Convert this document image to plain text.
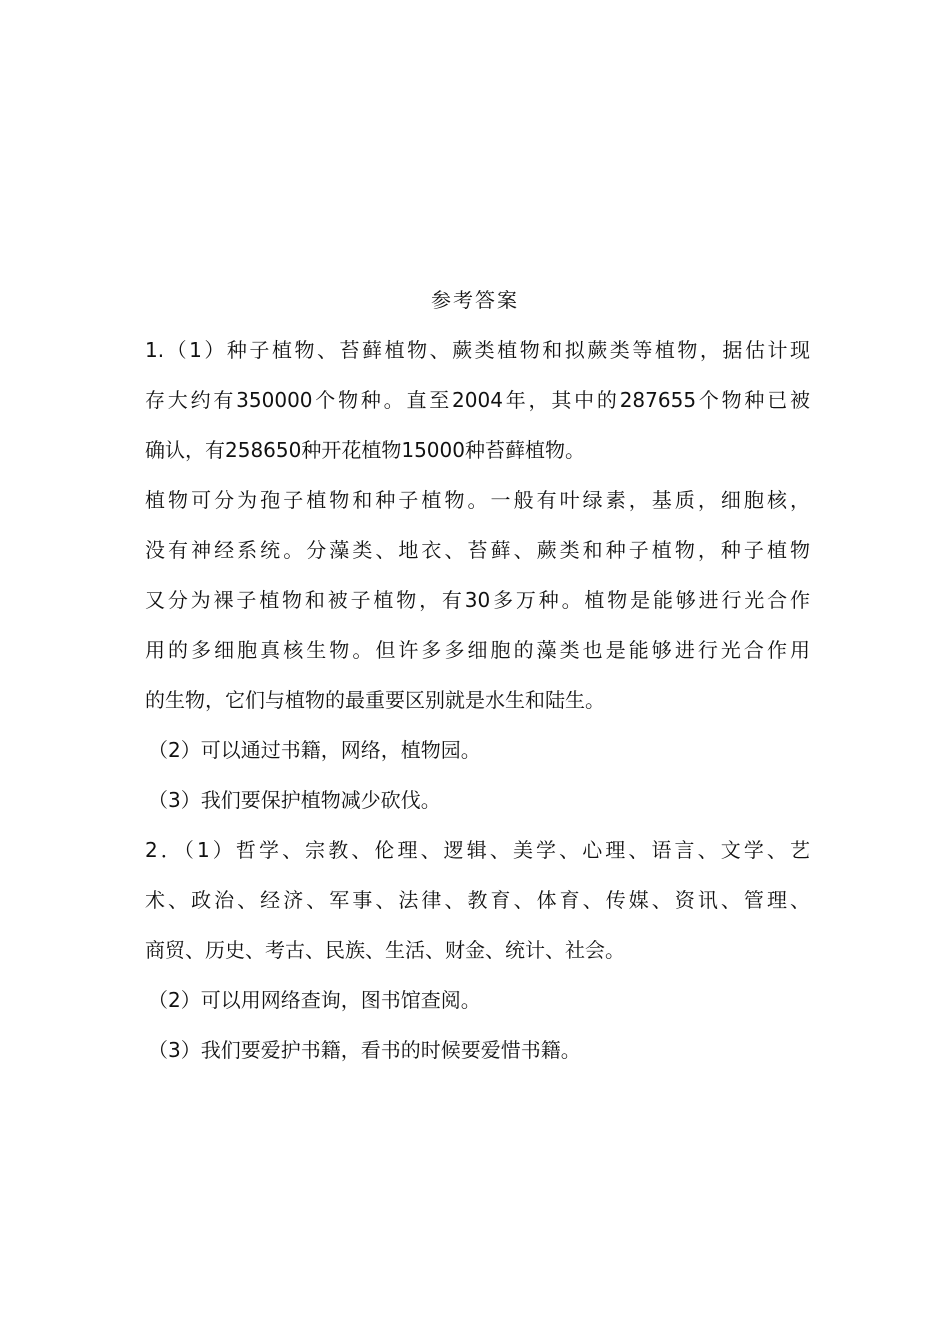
参考答案
1.（1）种子植物、苔藓植物、蕨类植物和拟蕨类等植物，据估计现
存大约有350000个物种。直至2004年，其中的287655个物种已被
确认，有258650种开花植物15000种苔藓植物。
植物可分为孢子植物和种子植物。一般有叶绿素，基质，细胞核，
没有神经系统。分藻类、地衣、苔藓、蕨类和种子植物，种子植物
又分为裸子植物和被子植物，有30多万种。植物是能够进行光合作
用的多细胞真核生物。但许多多细胞的藻类也是能够进行光合作用
的生物，它们与植物的最重要区别就是水生和陆生。
（2）可以通过书籍，网络，植物园。
（3）我们要保护植物减少砍伐。
2．（1）哲学、宗教、伦理、逻辑、美学、心理、语言、文学、艺
术、政治、经济、军事、法律、教育、体育、传媒、资讯、管理、
商贸、历史、考古、民族、生活、财金、统计、社会。
（2）可以用网络查询，图书馆查阅。
（3）我们要爱护书籍，看书的时候要爱惜书籍。
